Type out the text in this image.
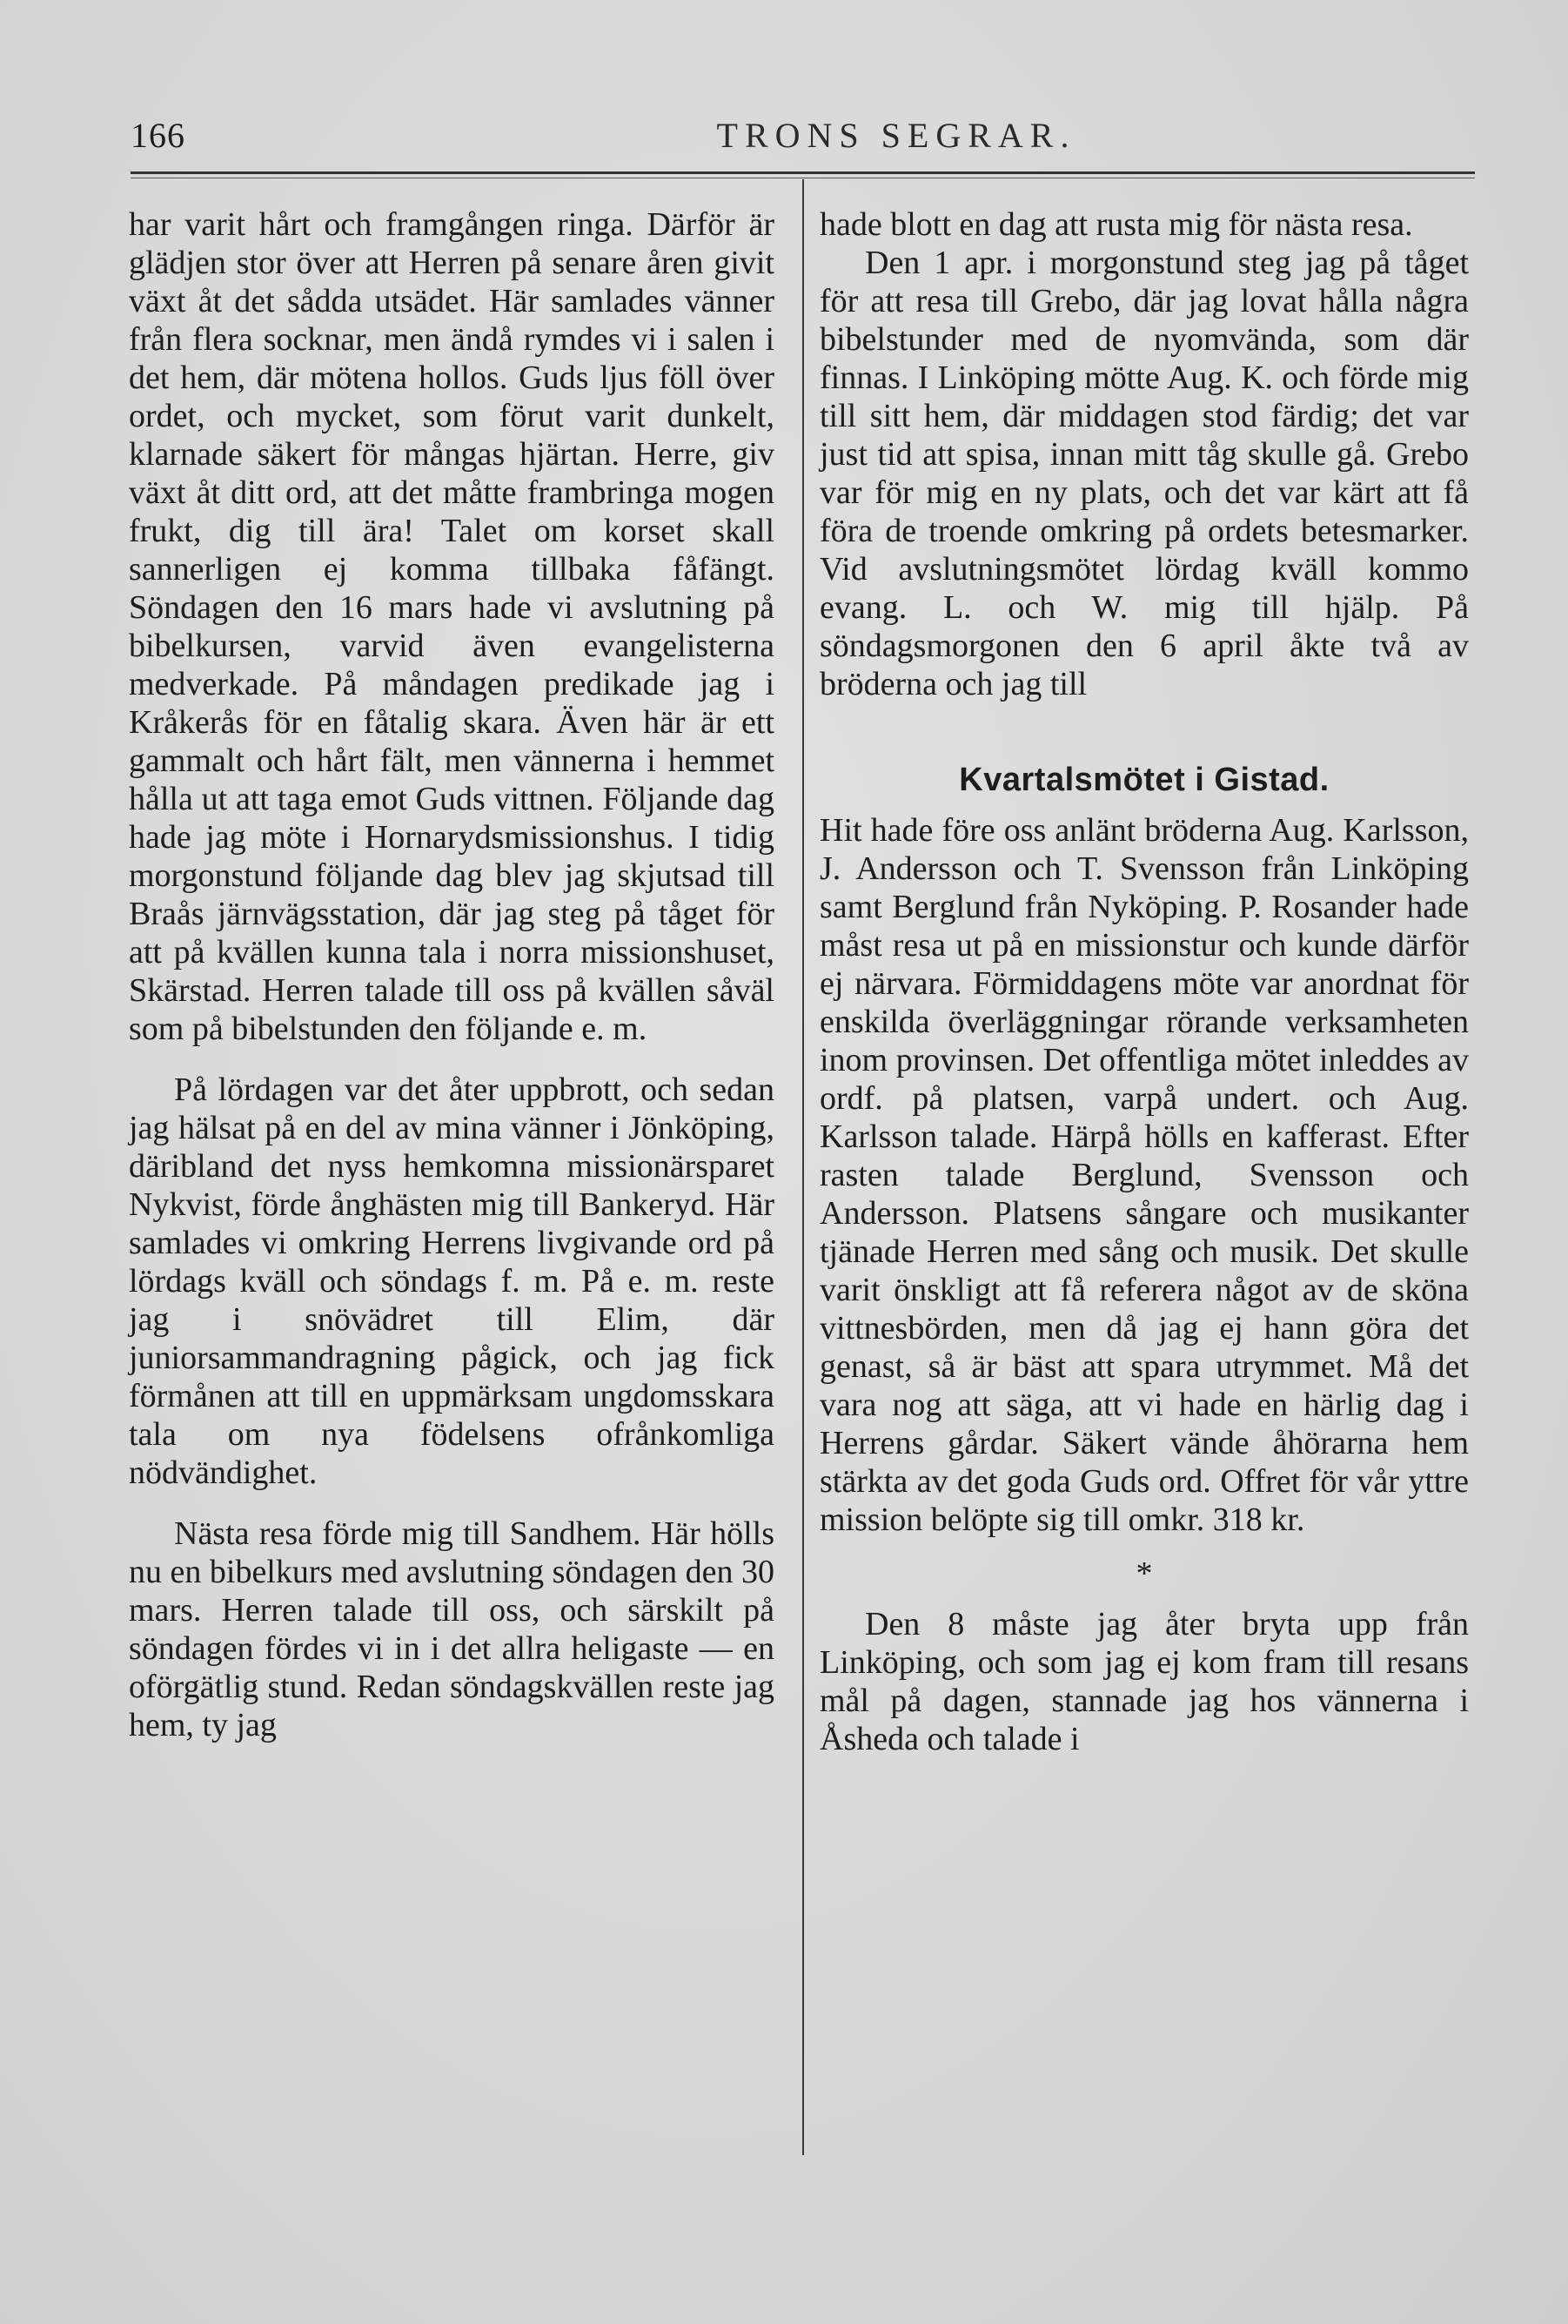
166	TRONS SEGRAR.

har varit hårt och framgången ringa. Därför är glädjen stor över att Herren på senare åren givit växt åt det sådda utsädet. Här samlades vänner från flera socknar, men ändå rymdes vi i salen i det hem, där mötena hollos. Guds ljus föll över ordet, och mycket, som förut varit dunkelt, klarnade säkert för mångas hjärtan. Herre, giv växt åt ditt ord, att det måtte frambringa mogen frukt, dig till ära! Talet om korset skall sannerligen ej komma tillbaka fåfängt. Söndagen den 16 mars hade vi avslutning på bibelkursen, varvid även evangelisterna medverkade. På måndagen predikade jag i Kråkerås för en fåtalig skara. Även här är ett gammalt och hårt fält, men vännerna i hemmet hålla ut att taga emot Guds vittnen. Följande dag hade jag möte i Hornarydsmissionshus. I tidig morgonstund följande dag blev jag skjutsad till Braås järnvägsstation, där jag steg på tåget för att på kvällen kunna tala i norra missionshuset, Skärstad. Herren talade till oss på kvällen såväl som på bibelstunden den följande e. m.

På lördagen var det åter uppbrott, och sedan jag hälsat på en del av mina vänner i Jönköping, däribland det nyss hemkomna missionärsparet Nykvist, förde ånghästen mig till Bankeryd. Här samlades vi omkring Herrens livgivande ord på lördags kväll och söndags f. m. På e. m. reste jag i snövädret till Elim, där juniorsammandragning pågick, och jag fick förmånen att till en uppmärksam ungdomsskara tala om nya födelsens ofrånkomliga nödvändighet.

Nästa resa förde mig till Sandhem. Här hölls nu en bibelkurs med avslutning söndagen den 30 mars. Herren talade till oss, och särskilt på söndagen fördes vi in i det allra heligaste — en oförgätlig stund. Redan söndagskvällen reste jag hem, ty jag

hade blott en dag att rusta mig för nästa resa.

Den 1 apr. i morgonstund steg jag på tåget för att resa till Grebo, där jag lovat hålla några bibelstunder med de nyomvända, som där finnas. I Linköping mötte Aug. K. och förde mig till sitt hem, där middagen stod färdig; det var just tid att spisa, innan mitt tåg skulle gå. Grebo var för mig en ny plats, och det var kärt att få föra de troende omkring på ordets betesmarker. Vid avslutningsmötet lördag kväll kommo evang. L. och W. mig till hjälp. På söndagsmorgonen den 6 april åkte två av bröderna och jag till

Kvartalsmötet i Gistad.

Hit hade före oss anlänt bröderna Aug. Karlsson, J. Andersson och T. Svensson från Linköping samt Berglund från Nyköping. P. Rosander hade måst resa ut på en missionstur och kunde därför ej närvara. Förmiddagens möte var anordnat för enskilda överläggningar rörande verksamheten inom provinsen. Det offentliga mötet inleddes av ordf. på platsen, varpå undert. och Aug. Karlsson talade. Härpå hölls en kafferast. Efter rasten talade Berglund, Svensson och Andersson. Platsens sångare och musikanter tjänade Herren med sång och musik. Det skulle varit önskligt att få referera något av de sköna vittnesbörden, men då jag ej hann göra det genast, så är bäst att spara utrymmet. Må det vara nog att säga, att vi hade en härlig dag i Herrens gårdar. Säkert vände åhörarna hem stärkta av det goda Guds ord. Offret för vår yttre mission belöpte sig till omkr. 318 kr.

*

Den 8 måste jag åter bryta upp från Linköping, och som jag ej kom fram till resans mål på dagen, stannade jag hos vännerna i Åsheda och talade i
